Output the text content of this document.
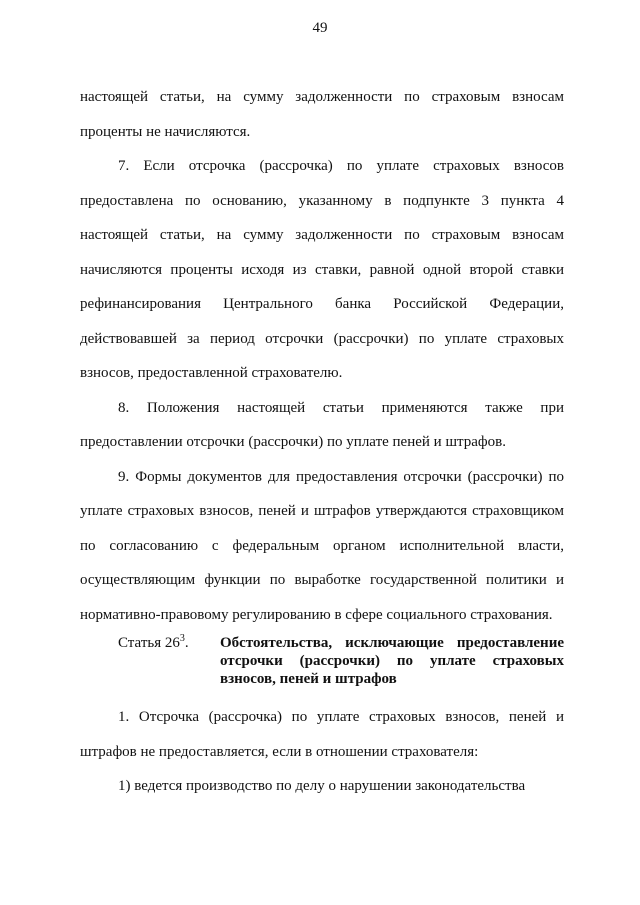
49

настоящей статьи, на сумму задолженности по страховым взносам проценты не начисляются.

7. Если отсрочка (рассрочка) по уплате страховых взносов предоставлена по основанию, указанному в подпункте 3 пункта 4 настоящей статьи, на сумму задолженности по страховым взносам начисляются проценты исходя из ставки, равной одной второй ставки рефинансирования Центрального банка Российской Федерации, действовавшей за период отсрочки (рассрочки) по уплате страховых взносов, предоставленной страхователю.

8. Положения настоящей статьи применяются также при предоставлении отсрочки (рассрочки) по уплате пеней и штрафов.

9. Формы документов для предоставления отсрочки (рассрочки) по уплате страховых взносов, пеней и штрафов утверждаются страховщиком по согласованию с федеральным органом исполнительной власти, осуществляющим функции по выработке государственной политики и нормативно-правовому регулированию в сфере социального страхования.

Статья $26^3$.	Обстоятельства, исключающие предоставление отсрочки (рассрочки) по уплате страховых взносов, пеней и штрафов

1. Отсрочка (рассрочка) по уплате страховых взносов, пеней и штрафов не предоставляется, если в отношении страхователя:

1) ведется производство по делу о нарушении законодательства
